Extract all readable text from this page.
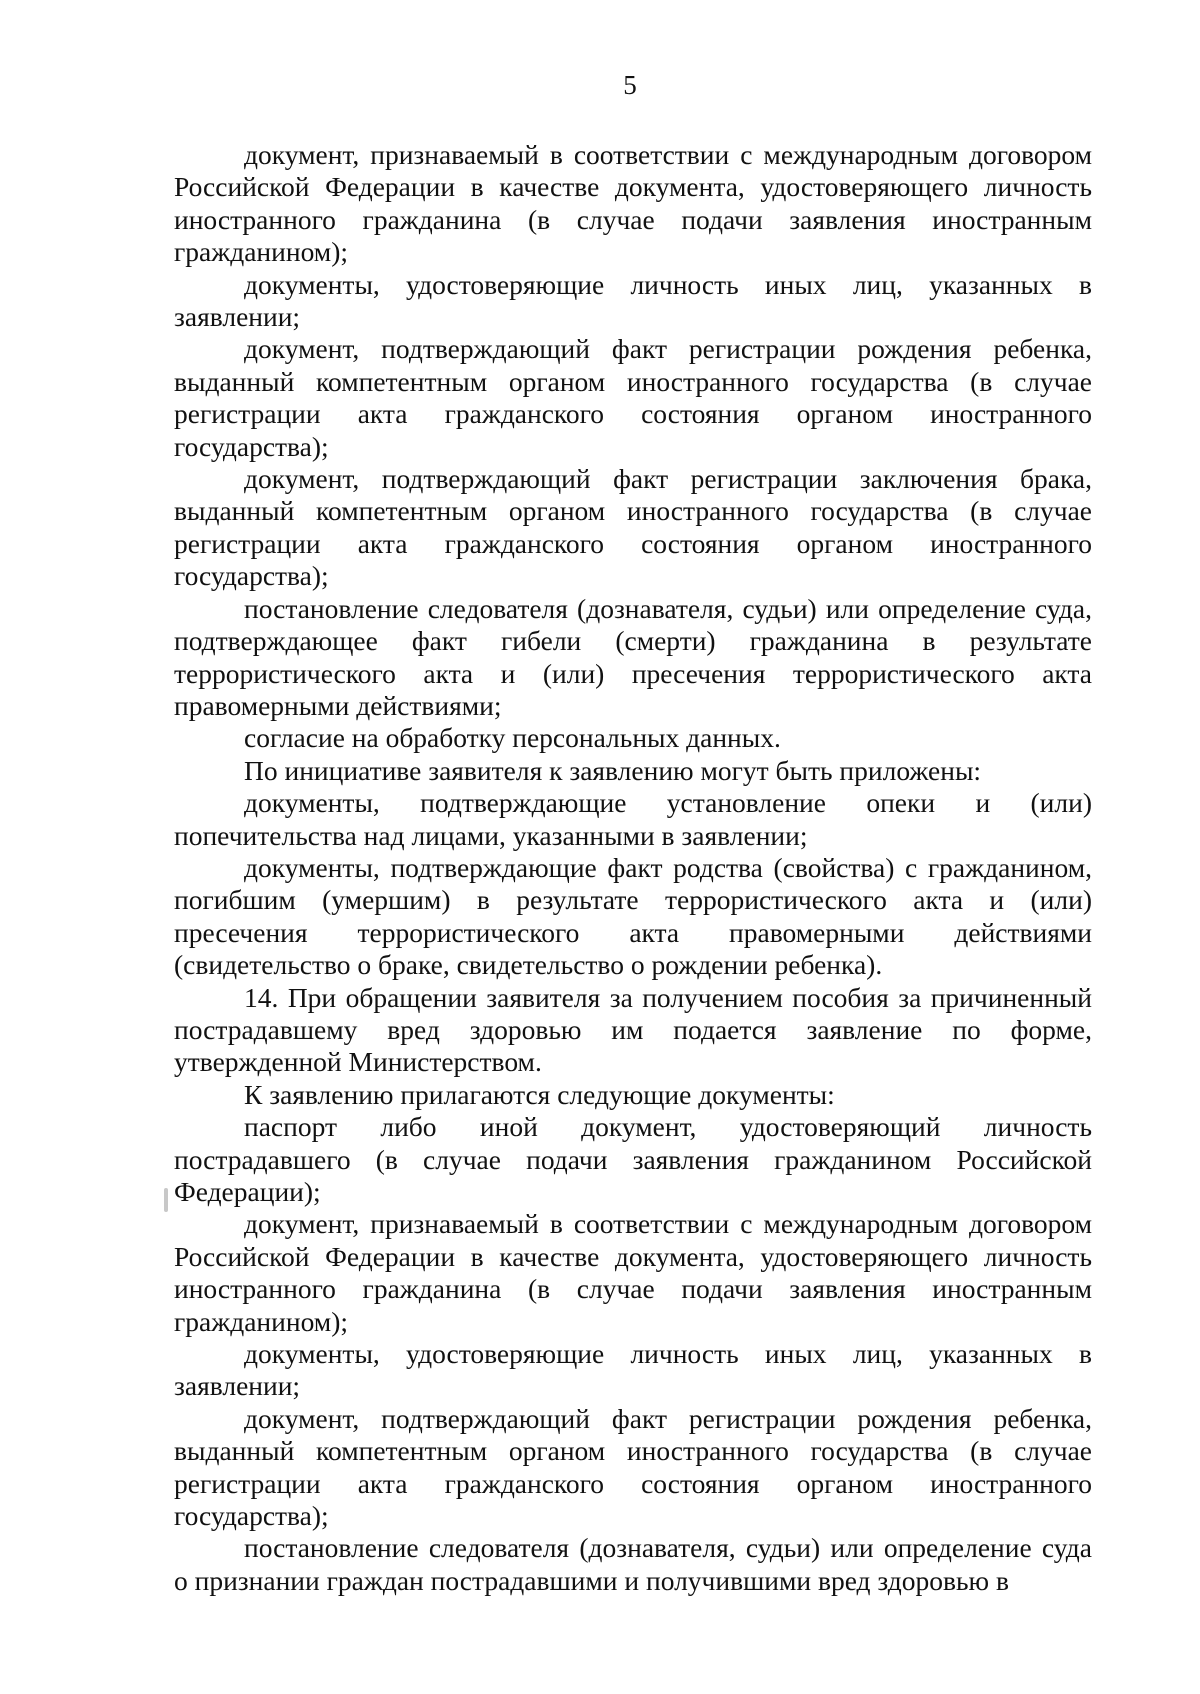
5

документ, признаваемый в соответствии с международным договором Российской Федерации в качестве документа, удостоверяющего личность иностранного гражданина (в случае подачи заявления иностранным гражданином);

документы, удостоверяющие личность иных лиц, указанных в заявлении;

документ, подтверждающий факт регистрации рождения ребенка, выданный компетентным органом иностранного государства (в случае регистрации акта гражданского состояния органом иностранного государства);

документ, подтверждающий факт регистрации заключения брака, выданный компетентным органом иностранного государства (в случае регистрации акта гражданского состояния органом иностранного государства);

постановление следователя (дознавателя, судьи) или определение суда, подтверждающее факт гибели (смерти) гражданина в результате террористического акта и (или) пресечения террористического акта правомерными действиями;

согласие на обработку персональных данных.

По инициативе заявителя к заявлению могут быть приложены:

документы, подтверждающие установление опеки и (или) попечительства над лицами, указанными в заявлении;

документы, подтверждающие факт родства (свойства) с гражданином, погибшим (умершим) в результате террористического акта и (или) пресечения террористического акта правомерными действиями (свидетельство о браке, свидетельство о рождении ребенка).

14. При обращении заявителя за получением пособия за причиненный пострадавшему вред здоровью им подается заявление по форме, утвержденной Министерством.

К заявлению прилагаются следующие документы:

паспорт либо иной документ, удостоверяющий личность пострадавшего (в случае подачи заявления гражданином Российской Федерации);

документ, признаваемый в соответствии с международным договором Российской Федерации в качестве документа, удостоверяющего личность иностранного гражданина (в случае подачи заявления иностранным гражданином);

документы, удостоверяющие личность иных лиц, указанных в заявлении;

документ, подтверждающий факт регистрации рождения ребенка, выданный компетентным органом иностранного государства (в случае регистрации акта гражданского состояния органом иностранного государства);

постановление следователя (дознавателя, судьи) или определение суда о признании граждан пострадавшими и получившими вред здоровью в
